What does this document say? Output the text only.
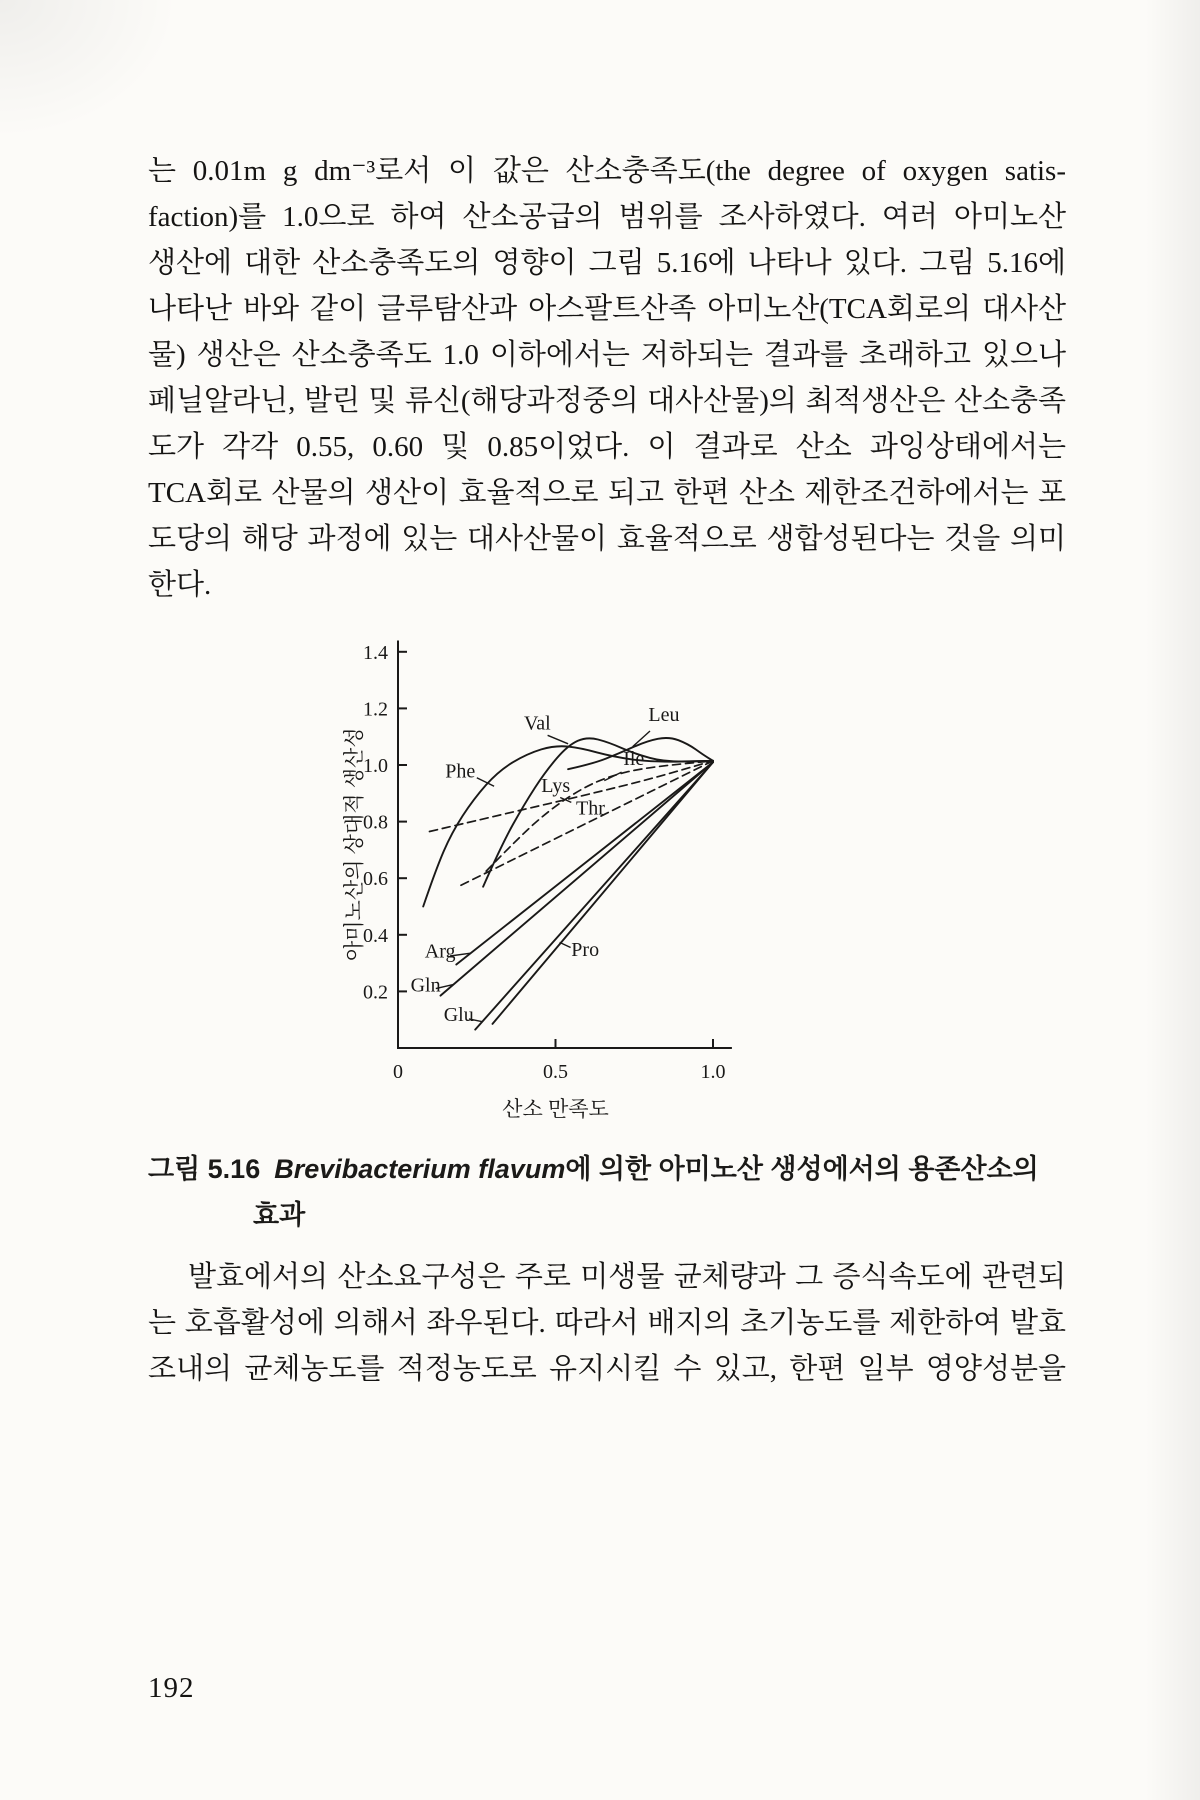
는 0.01m g dm⁻³로서 이 값은 산소충족도(the degree of oxygen satis-
faction)를 1.0으로 하여 산소공급의 범위를 조사하였다. 여러 아미노산
생산에 대한 산소충족도의 영향이 그림 5.16에 나타나 있다. 그림 5.16에
나타난 바와 같이 글루탐산과 아스팔트산족 아미노산(TCA회로의 대사산
물) 생산은 산소충족도 1.0 이하에서는 저하되는 결과를 초래하고 있으나
페닐알라닌, 발린 및 류신(해당과정중의 대사산물)의 최적생산은 산소충족
도가 각각 0.55, 0.60 및 0.85이었다. 이 결과로 산소 과잉상태에서는
TCA회로 산물의 생산이 효율적으로 되고 한편 산소 제한조건하에서는 포
도당의 해당 과정에 있는 대사산물이 효율적으로 생합성된다는 것을 의미
한다.
0.2
0.4
0.6
0.8
1.0
1.2
1.4
0	0.5	1.0
산소 만족도
아미노산의 상대적 생산성	Phe
Val	Leu
Lys
Ile
Thr
Arg	Pro
Gln
Glu
그림 5.16 Brevibacterium flavum에 의한 아미노산 생성에서의 용존산소의
효과
발효에서의 산소요구성은 주로 미생물 균체량과 그 증식속도에 관련되
는 호흡활성에 의해서 좌우된다. 따라서 배지의 초기농도를 제한하여 발효
조내의 균체농도를 적정농도로 유지시킬 수 있고, 한편 일부 영양성분을
192
